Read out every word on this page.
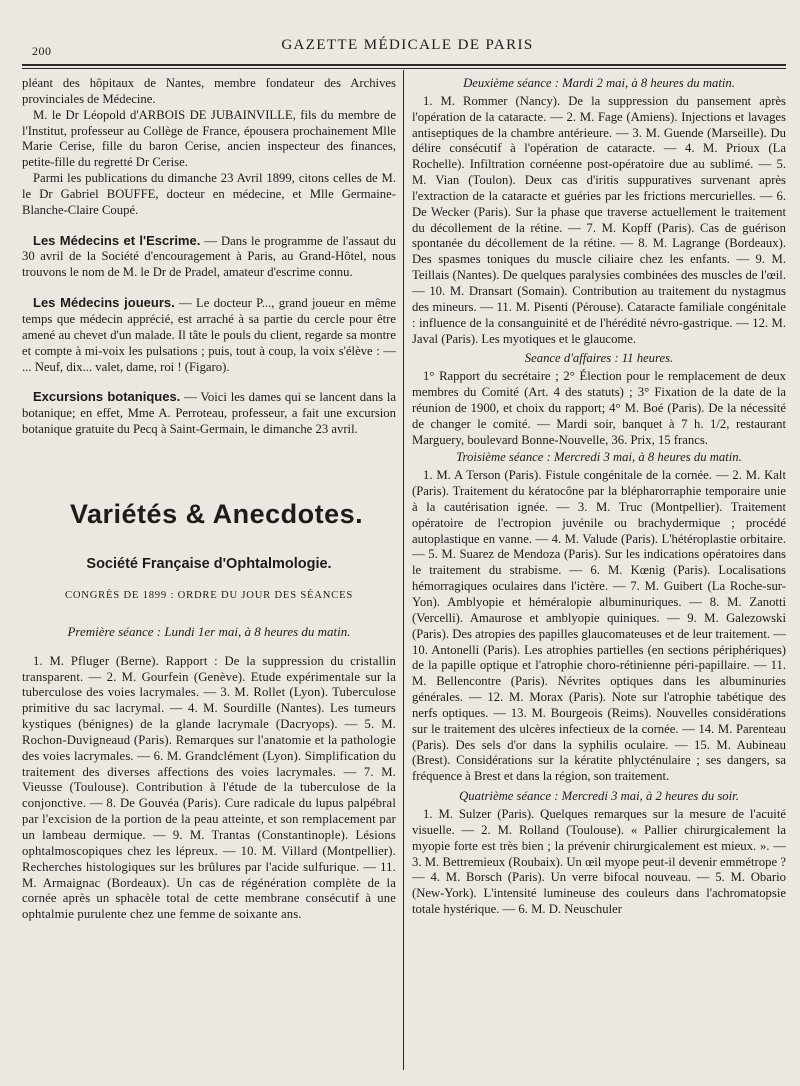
200	GAZETTE MÉDICALE DE PARIS

pléant des hôpitaux de Nantes, membre fondateur des Archives provinciales de Médecine.

M. le Dr Léopold d'ARBOIS DE JUBAINVILLE, fils du membre de l'Institut, professeur au Collège de France, épousera prochainement Mlle Marie Cerise, fille du baron Cerise, ancien inspecteur des finances, petite-fille du regretté Dr Cerise.

Parmi les publications du dimanche 23 Avril 1899, citons celles de M. le Dr Gabriel BOUFFE, docteur en médecine, et Mlle Germaine-Blanche-Claire Coupé.

Les Médecins et l'Escrime. — Dans le programme de l'assaut du 30 avril de la Société d'encouragement à Paris, au Grand-Hôtel, nous trouvons le nom de M. le Dr de Pradel, amateur d'escrime connu.

Les Médecins joueurs. — Le docteur P..., grand joueur en même temps que médecin apprécié, est arraché à sa partie du cercle pour être amené au chevet d'un malade. Il tâte le pouls du client, regarde sa montre et compte à mi-voix les pulsations ; puis, tout à coup, la voix s'élève : — ... Neuf, dix... valet, dame, roi ! (Figaro).

Excursions botaniques. — Voici les dames qui se lancent dans la botanique; en effet, Mme A. Perroteau, professeur, a fait une excursion botanique gratuite du Pecq à Saint-Germain, le dimanche 23 avril.

Variétés & Anecdotes.
Société Française d'Ophtalmologie.
CONGRÈS DE 1899 : ORDRE DU JOUR DES SÉANCES
Première séance : Lundi 1er mai, à 8 heures du matin.

1. M. Pfluger (Berne). Rapport : De la suppression du cristallin transparent. — 2. M. Gourfein (Genève). Etude expérimentale sur la tuberculose des voies lacrymales. — 3. M. Rollet (Lyon). Tuberculose primitive du sac lacrymal. — 4. M. Sourdille (Nantes). Les tumeurs kystiques (bénignes) de la glande lacrymale (Dacryops). — 5. M. Rochon-Duvigneaud (Paris). Remarques sur l'anatomie et la pathologie des voies lacrymales. — 6. M. Grandclément (Lyon). Simplification du traitement des diverses affections des voies lacrymales. — 7. M. Vieusse (Toulouse). Contribution à l'étude de la tuberculose de la conjonctive. — 8. De Gouvéa (Paris). Cure radicale du lupus palpébral par l'excision de la portion de la peau atteinte, et son remplacement par un lambeau dermique. — 9. M. Trantas (Constantinople). Lésions ophtalmoscopiques chez les lépreux. — 10. M. Villard (Montpellier). Recherches histologiques sur les brûlures par l'acide sulfurique. — 11. M. Armaignac (Bordeaux). Un cas de régénération complète de la cornée après un sphacèle total de cette membrane consécutif à une ophtalmie purulente chez une femme de soixante ans.

Deuxième séance : Mardi 2 mai, à 8 heures du matin.

1. M. Rommer (Nancy). De la suppression du pansement après l'opération de la cataracte. — 2. M. Fage (Amiens). Injections et lavages antiseptiques de la chambre antérieure. — 3. M. Guende (Marseille). Du délire consécutif à l'opération de cataracte. — 4. M. Prioux (La Rochelle). Infiltration cornéenne post-opératoire due au sublimé. — 5. M. Vian (Toulon). Deux cas d'iritis suppuratives survenant après l'extraction de la cataracte et guéries par les frictions mercurielles. — 6. De Wecker (Paris). Sur la phase que traverse actuellement le traitement du décollement de la rétine. — 7. M. Kopff (Paris). Cas de guérison spontanée du décollement de la rétine. — 8. M. Lagrange (Bordeaux). Des spasmes toniques du muscle ciliaire chez les enfants. — 9. M. Teillais (Nantes). De quelques paralysies combinées des muscles de l'œil. — 10. M. Dransart (Somain). Contribution au traitement du nystagmus des mineurs. — 11. M. Pisenti (Pérouse). Cataracte familiale congénitale : influence de la consanguinité et de l'hérédité névro-gastrique. — 12. M. Javal (Paris). Les myotiques et le glaucome.

Seance d'affaires : 11 heures.

1° Rapport du secrétaire ; 2° Élection pour le remplacement de deux membres du Comité (Art. 4 des statuts) ; 3° Fixation de la date de la réunion de 1900, et choix du rapport; 4° M. Boé (Paris). De la nécessité de changer le comité. — Mardi soir, banquet à 7 h. 1/2, restaurant Marguery, boulevard Bonne-Nouvelle, 36. Prix, 15 francs.

Troisième séance : Mercredi 3 mai, à 8 heures du matin.

1. M. A Terson (Paris). Fistule congénitale de la cornée. — 2. M. Kalt (Paris). Traitement du kératocône par la blépharorraphie temporaire unie à la cautérisation ignée. — 3. M. Truc (Montpellier). Traitement opératoire de l'ectropion juvénile ou brachydermique ; procédé autoplastique en vanne. — 4. M. Valude (Paris). L'hétéroplastie orbitaire. — 5. M. Suarez de Mendoza (Paris). Sur les indications opératoires dans le traitement du strabisme. — 6. M. Kœnig (Paris). Localisations hémorragiques oculaires dans l'ictère. — 7. M. Guibert (La Roche-sur-Yon). Amblyopie et héméralopie albuminuriques. — 8. M. Zanotti (Vercelli). Amaurose et amblyopie quiniques. — 9. M. Galezowski (Paris). Des atropies des papilles glaucomateuses et de leur traitement. — 10. Antonelli (Paris). Les atrophies partielles (en sections périphériques) de la papille optique et l'atrophie choro-rétinienne péri-papillaire. — 11. M. Bellencontre (Paris). Névrites optiques dans les albuminuries générales. — 12. M. Morax (Paris). Note sur l'atrophie tabétique des nerfs optiques. — 13. M. Bourgeois (Reims). Nouvelles considérations sur le traitement des ulcères infectieux de la cornée. — 14. M. Parenteau (Paris). Des sels d'or dans la syphilis oculaire. — 15. M. Aubineau (Brest). Considérations sur la kératite phlycténulaire ; ses dangers, sa fréquence à Brest et dans la région, son traitement.

Quatrième séance : Mercredi 3 mai, à 2 heures du soir.

1. M. Sulzer (Paris). Quelques remarques sur la mesure de l'acuité visuelle. — 2. M. Rolland (Toulouse). « Pallier chirurgicalement la myopie forte est très bien ; la prévenir chirurgicalement est mieux. ». — 3. M. Bettremieux (Roubaix). Un œil myope peut-il devenir emmétrope ? — 4. M. Borsch (Paris). Un verre bifocal nouveau. — 5. M. Obario (New-York). L'intensité lumineuse des couleurs dans l'achromatopsie totale hystérique. — 6. M. D. Neuschuler
